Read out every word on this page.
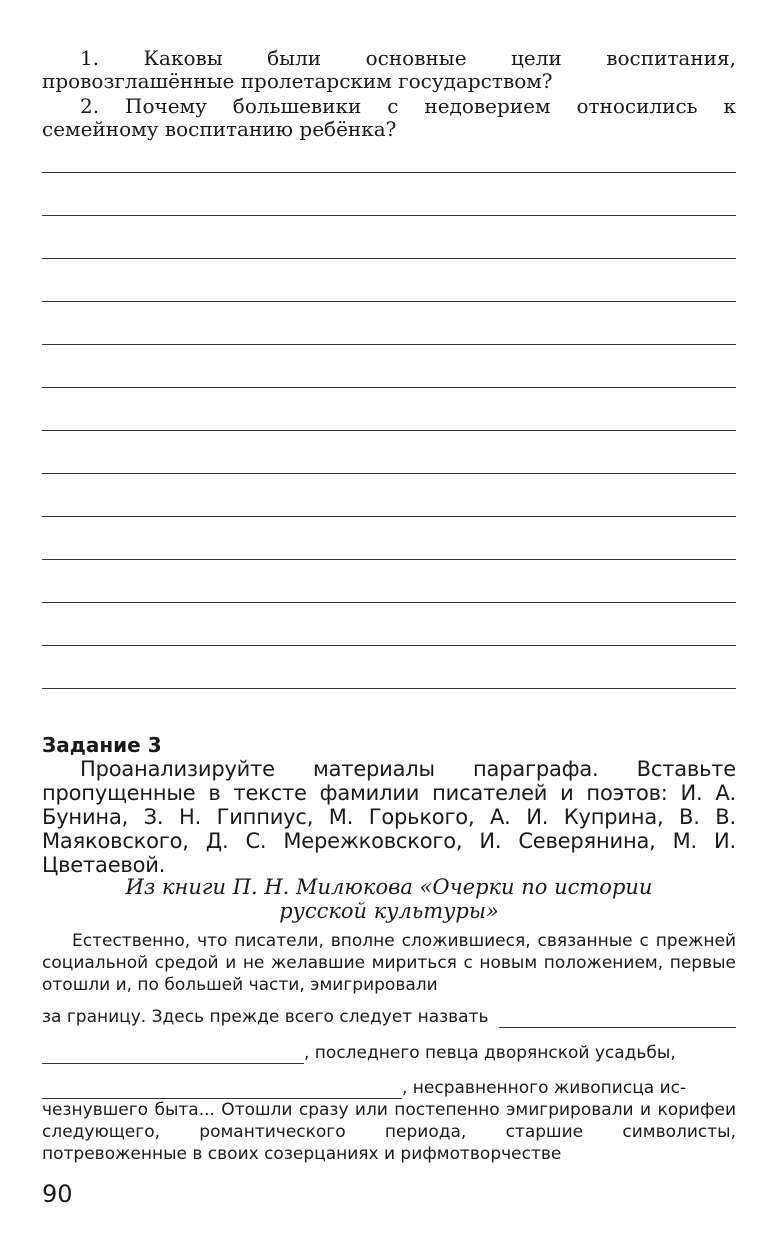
1. Каковы были основные цели воспитания, провозглашённые пролетарским государством?

2. Почему большевики с недоверием относились к семейному воспитанию ребёнка?

Задание 3

Проанализируйте материалы параграфа. Вставьте пропущенные в тексте фамилии писателей и поэтов: И. А. Бунина, З. Н. Гиппиус, М. Горького, А. И. Куприна, В. В. Маяковского, Д. С. Мережковского, И. Северянина, М. И. Цветаевой.

Из книги П. Н. Милюкова «Очерки по истории
русской культуры»

Естественно, что писатели, вполне сложившиеся, связанные с прежней социальной средой и не желавшие мириться с новым положением, первые отошли и, по большей части, эмигрировали

за границу. Здесь прежде всего следует назвать
, последнего певца дворянской усадьбы,
, несравненного живописца ис-

чезнувшего быта... Отошли сразу или постепенно эмигрировали и корифеи следующего, романтического периода, старшие символисты, потревоженные в своих созерцаниях и рифмотворчестве

90
